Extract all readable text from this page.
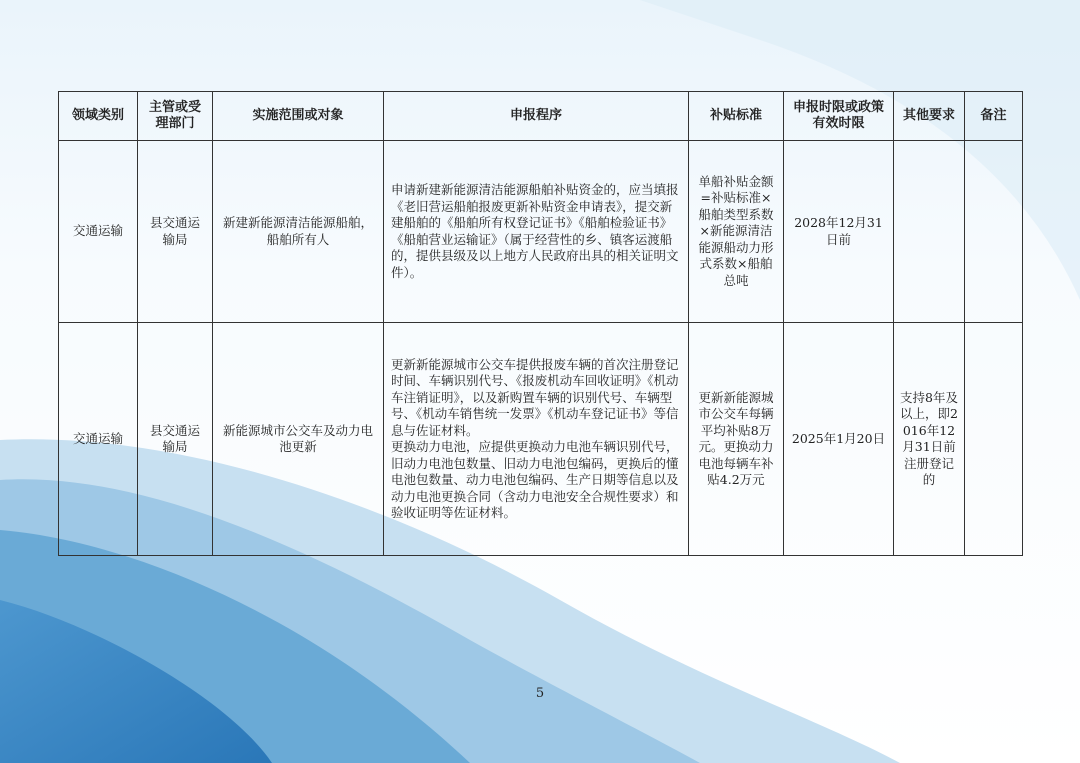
领域类别	主管或受理部门	实施范围或对象	申报程序	补贴标准	申报时限或政策有效时限	其他要求	备注
交通运输	县交通运输局	新建新能源清洁能源船舶，船舶所有人	申请新建新能源清洁能源船舶补贴资金的，应当填报《老旧营运船舶报废更新补贴资金申请表》，提交新建船舶的《船舶所有权登记证书》《船舶检验证书》《船舶营业运输证》（属于经营性的乡、镇客运渡船的，提供县级及以上地方人民政府出具的相关证明文件）。	单船补贴金额=补贴标准×船舶类型系数×新能源清洁能源船动力形式系数×船舶总吨	2028年12月31日前		
交通运输	县交通运输局	新能源城市公交车及动力电池更新	更新新能源城市公交车提供报废车辆的首次注册登记时间、车辆识别代号、《报废机动车回收证明》《机动车注销证明》，以及新购置车辆的识别代号、车辆型号、《机动车销售统一发票》《机动车登记证书》等信息与佐证材料。
更换动力电池，应提供更换动力电池车辆识别代号，旧动力电池包数量、旧动力电池包编码，更换后的懂电池包数量、动力电池包编码、生产日期等信息以及动力电池更换合同（含动力电池安全合规性要求）和验收证明等佐证材料。	更新新能源城市公交车每辆平均补贴8万元。更换动力电池每辆车补贴4.2万元	2025年1月20日	支持8年及以上，即2016年12月31日前注册登记的	
5
